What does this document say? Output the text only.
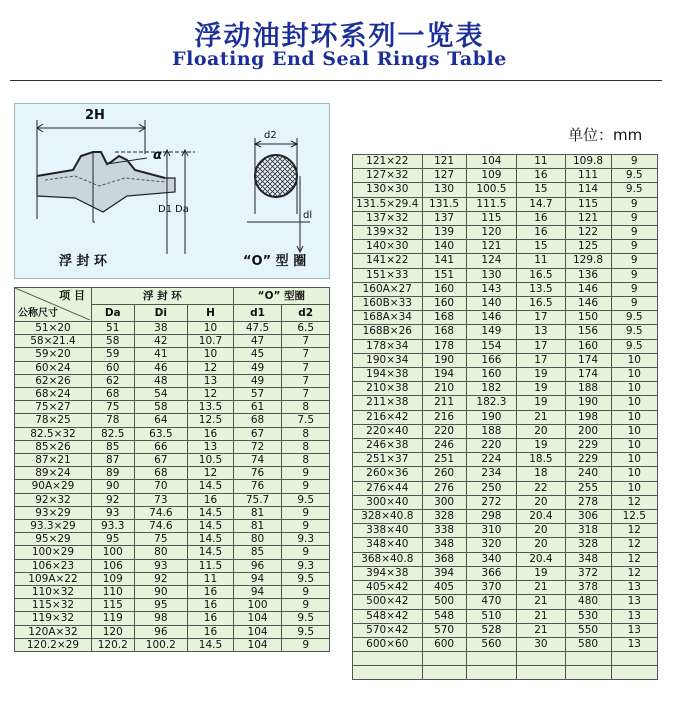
浮动油封环系列一览表
Floating End Seal Rings Table
2H
α
D1 Da
d2
dl
浮 封 环	“O” 型 圈
单位：mm
项 目
公称尺寸	浮 封 环			“O” 型圈	
	Da	Di	H	d1	d2
51×20	51	38	10	47.5	6.5
58×21.4	58	42	10.7	47	7
59×20	59	41	10	45	7
60×24	60	46	12	49	7
62×26	62	48	13	49	7
68×24	68	54	12	57	7
75×27	75	58	13.5	61	8
78×25	78	64	12.5	68	7.5
82.5×32	82.5	63.5	16	67	8
85×26	85	66	13	72	8
87×21	87	67	10.5	74	8
89×24	89	68	12	76	9
90A×29	90	70	14.5	76	9
92×32	92	73	16	75.7	9.5
93×29	93	74.6	14.5	81	9
93.3×29	93.3	74.6	14.5	81	9
95×29	95	75	14.5	80	9.3
100×29	100	80	14.5	85	9
106×23	106	93	11.5	96	9.3
109A×22	109	92	11	94	9.5
110×32	110	90	16	94	9
115×32	115	95	16	100	9
119×32	119	98	16	104	9.5
120A×32	120	96	16	104	9.5
120.2×29	120.2	100.2	14.5	104	9
121×22	121	104	11	109.8	9
127×32	127	109	16	111	9.5
130×30	130	100.5	15	114	9.5
131.5×29.4	131.5	111.5	14.7	115	9
137×32	137	115	16	121	9
139×32	139	120	16	122	9
140×30	140	121	15	125	9
141×22	141	124	11	129.8	9
151×33	151	130	16.5	136	9
160A×27	160	143	13.5	146	9
160B×33	160	140	16.5	146	9
168A×34	168	146	17	150	9.5
168B×26	168	149	13	156	9.5
178×34	178	154	17	160	9.5
190×34	190	166	17	174	10
194×38	194	160	19	174	10
210×38	210	182	19	188	10
211×38	211	182.3	19	190	10
216×42	216	190	21	198	10
220×40	220	188	20	200	10
246×38	246	220	19	229	10
251×37	251	224	18.5	229	10
260×36	260	234	18	240	10
276×44	276	250	22	255	10
300×40	300	272	20	278	12
328×40.8	328	298	20.4	306	12.5
338×40	338	310	20	318	12
348×40	348	320	20	328	12
368×40.8	368	340	20.4	348	12
394×38	394	366	19	372	12
405×42	405	370	21	378	13
500×42	500	470	21	480	13
548×42	548	510	21	530	13
570×42	570	528	21	550	13
600×60	600	560	30	580	13
